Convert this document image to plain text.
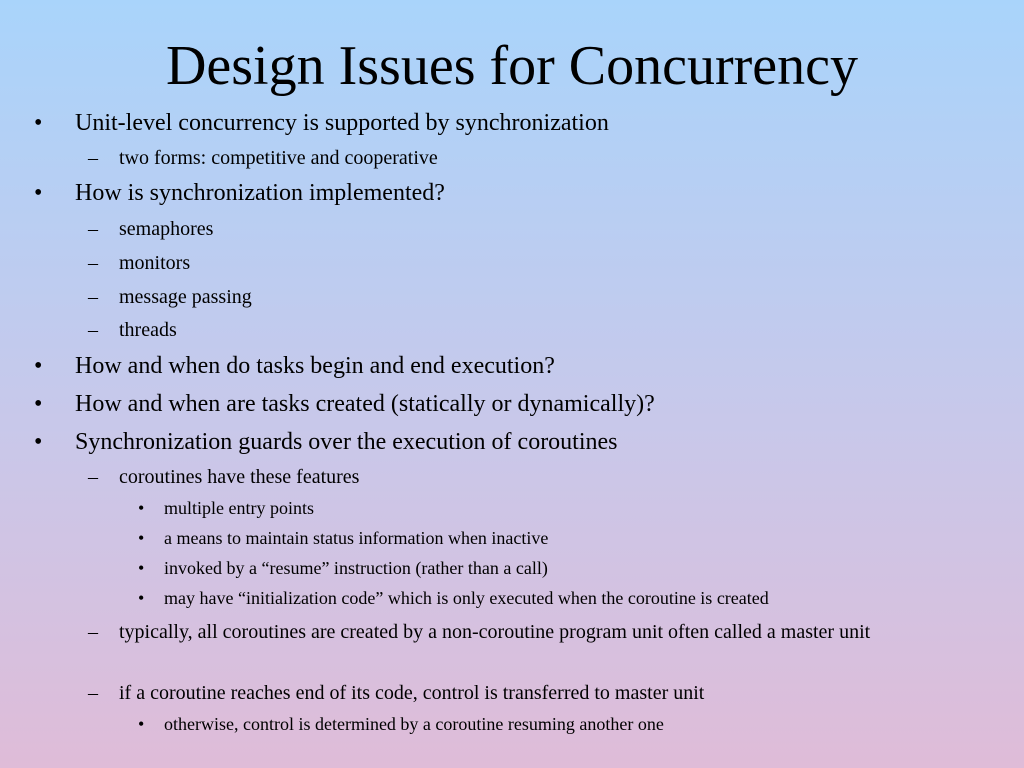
Design Issues for Concurrency
• Unit-level concurrency is supported by synchronization
– two forms: competitive and cooperative
• How is synchronization implemented?
– semaphores
– monitors
– message passing
– threads
• How and when do tasks begin and end execution?
• How and when are tasks created (statically or dynamically)?
• Synchronization guards over the execution of coroutines
– coroutines have these features
• multiple entry points
• a means to maintain status information when inactive
• invoked by a “resume” instruction (rather than a call)
• may have “initialization code” which is only executed when the coroutine is created
– typically, all coroutines are created by a non-coroutine program unit often called a master unit
– if a coroutine reaches end of its code, control is transferred to master unit
• otherwise, control is determined by a coroutine resuming another one
